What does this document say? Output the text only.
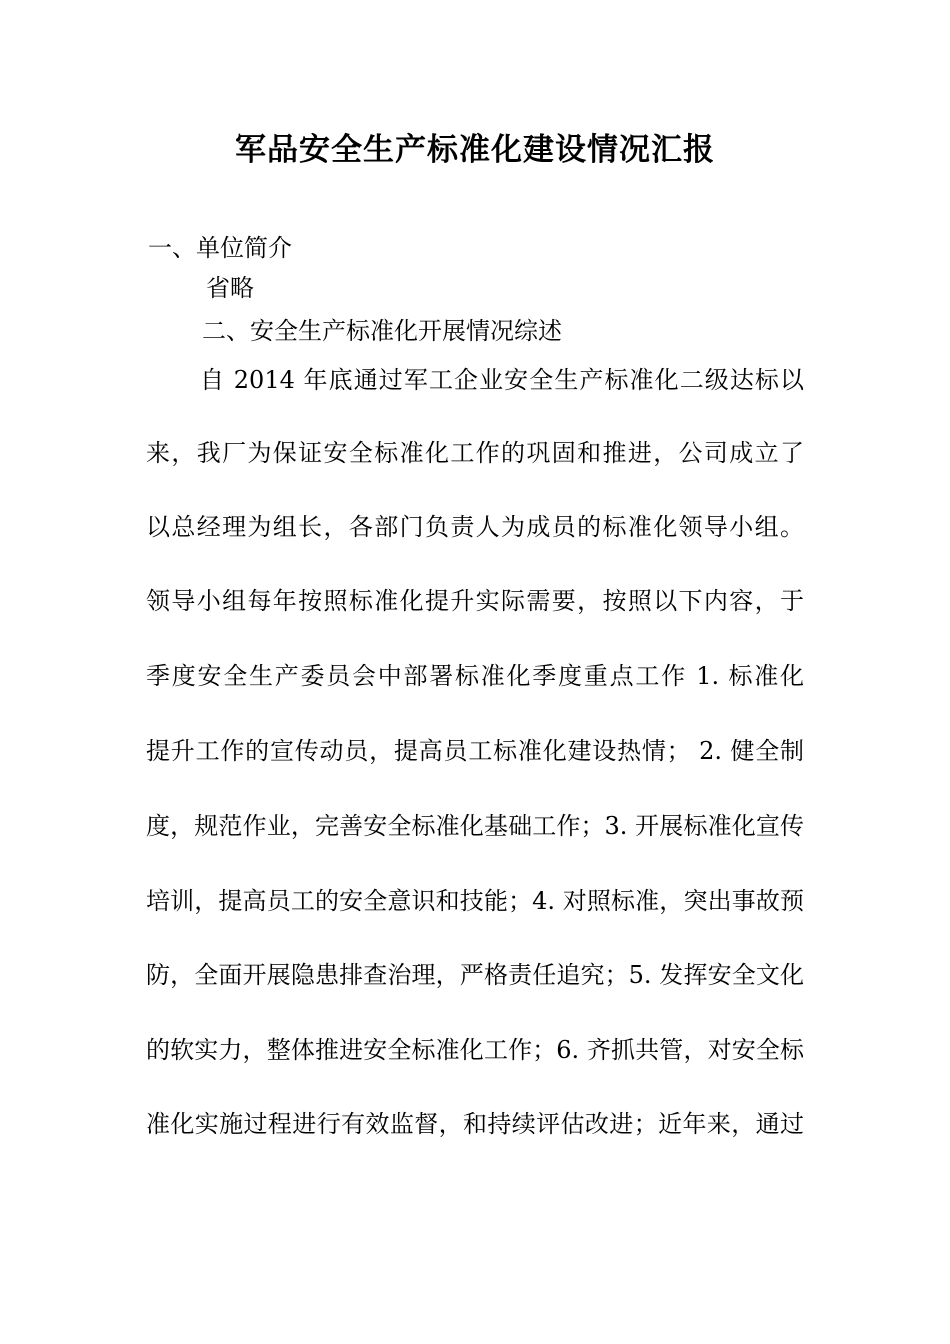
军品安全生产标准化建设情况汇报
一、单位简介
省略
二、安全生产标准化开展情况综述
自 2014 年底通过军工企业安全生产标准化二级达标以
来，我厂为保证安全标准化工作的巩固和推进，公司成立了
以总经理为组长，各部门负责人为成员的标准化领导小组。
领导小组每年按照标准化提升实际需要，按照以下内容，于
季度安全生产委员会中部署标准化季度重点工作 1. 标准化
提升工作的宣传动员，提高员工标准化建设热情； 2. 健全制
度，规范作业，完善安全标准化基础工作；3. 开展标准化宣传
培训，提高员工的安全意识和技能；4. 对照标准，突出事故预
防，全面开展隐患排查治理，严格责任追究；5. 发挥安全文化
的软实力，整体推进安全标准化工作；6. 齐抓共管，对安全标
准化实施过程进行有效监督，和持续评估改进；近年来，通过
